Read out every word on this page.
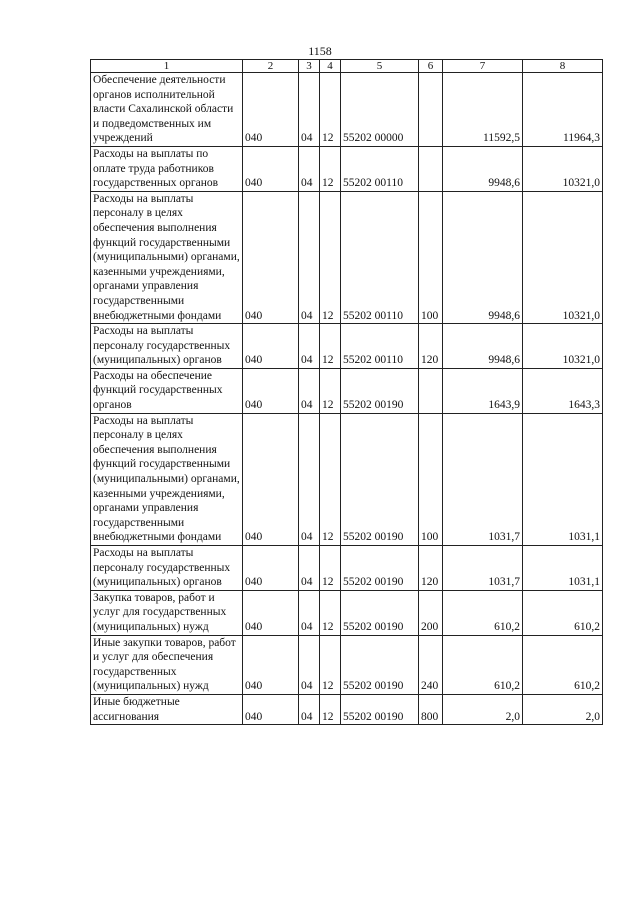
1158
1	2	3	4	5	6	7	8
Обеспечение деятельности органов исполнительной власти Сахалинской области и подведомственных им учреждений	040	04	12	55202 00000		11592,5	11964,3
Расходы на выплаты по оплате труда работников государственных органов	040	04	12	55202 00110		9948,6	10321,0
Расходы на выплаты персоналу в целях обеспечения выполнения функций государственными (муниципальными) органами, казенными учреждениями, органами управления государственными внебюджетными фондами	040	04	12	55202 00110	100	9948,6	10321,0
Расходы на выплаты персоналу государственных (муниципальных) органов	040	04	12	55202 00110	120	9948,6	10321,0
Расходы на обеспечение функций государственных органов	040	04	12	55202 00190		1643,9	1643,3
Расходы на выплаты персоналу в целях обеспечения выполнения функций государственными (муниципальными) органами, казенными учреждениями, органами управления государственными внебюджетными фондами	040	04	12	55202 00190	100	1031,7	1031,1
Расходы на выплаты персоналу государственных (муниципальных) органов	040	04	12	55202 00190	120	1031,7	1031,1
Закупка товаров, работ и услуг для государственных (муниципальных) нужд	040	04	12	55202 00190	200	610,2	610,2
Иные закупки товаров, работ и услуг для обеспечения государственных (муниципальных) нужд	040	04	12	55202 00190	240	610,2	610,2
Иные бюджетные ассигнования	040	04	12	55202 00190	800	2,0	2,0
